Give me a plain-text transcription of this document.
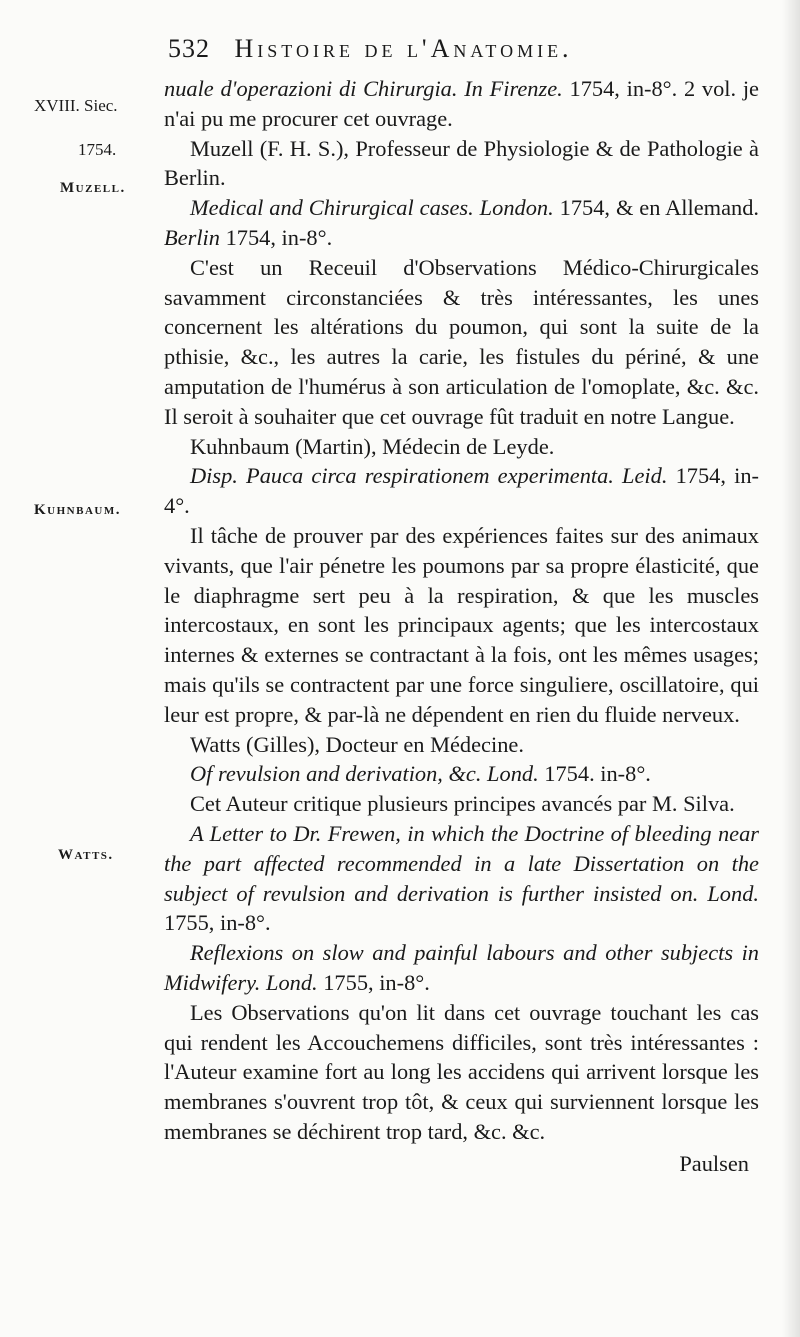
532 Histoire de l'Anatomie.
XVIII. Siec.
1754.
Muzell.
Kuhnbaum.
Watts.

nuale d'operazioni di Chirurgia. In Firenze. 1754, in-8°. 2 vol. je n'ai pu me procurer cet ouvrage.

Muzell (F. H. S.), Professeur de Physiologie & de Pathologie à Berlin.

Medical and Chirurgical cases. London. 1754, & en Allemand. Berlin 1754, in-8°.

C'est un Receuil d'Observations Médico-Chirurgicales savamment circonstanciées & très intéressantes, les unes concernent les altérations du poumon, qui sont la suite de la pthisie, &c., les autres la carie, les fistules du périné, & une amputation de l'humérus à son articulation de l'omoplate, &c. &c. Il seroit à souhaiter que cet ouvrage fût traduit en notre Langue.

Kuhnbaum (Martin), Médecin de Leyde.

Disp. Pauca circa respirationem experimenta. Leid. 1754, in-4°.

Il tâche de prouver par des expériences faites sur des animaux vivants, que l'air pénetre les poumons par sa propre élasticité, que le diaphragme sert peu à la respiration, & que les muscles intercostaux, en sont les principaux agents; que les intercostaux internes & externes se contractant à la fois, ont les mêmes usages; mais qu'ils se contractent par une force singuliere, oscillatoire, qui leur est propre, & par-là ne dépendent en rien du fluide nerveux.

Watts (Gilles), Docteur en Médecine.

Of revulsion and derivation, &c. Lond. 1754. in-8°.

Cet Auteur critique plusieurs principes avancés par M. Silva.

A Letter to Dr. Frewen, in which the Doctrine of bleeding near the part affected recommended in a late Dissertation on the subject of revulsion and derivation is further insisted on. Lond. 1755, in-8°.

Reflexions on slow and painful labours and other subjects in Midwifery. Lond. 1755, in-8°.

Les Observations qu'on lit dans cet ouvrage touchant les cas qui rendent les Accouchemens difficiles, sont très intéressantes : l'Auteur examine fort au long les accidens qui arrivent lorsque les membranes s'ouvrent trop tôt, & ceux qui surviennent lorsque les membranes se déchirent trop tard, &c. &c.

Paulsen
